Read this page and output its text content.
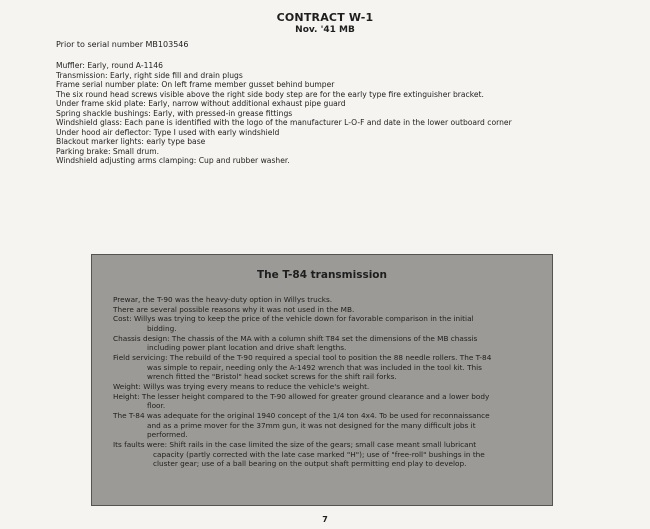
CONTRACT W-1
Nov. '41 MB
Prior to serial number MB103546
Muffler: Early, round A-1146
Transmission: Early, right side fill and drain plugs
Frame serial number plate: On left frame member gusset behind bumper
The six round head screws visible above the right side body step are for the early type fire extinguisher bracket.
Under frame skid plate: Early, narrow without additional exhaust pipe guard
Spring shackle bushings: Early, with pressed-in grease fittings
Windshield glass: Each pane is identified with the logo of the manufacturer L-O-F and date in the lower outboard corner
Under hood air deflector: Type I used with early windshield
Blackout marker lights: early type base
Parking brake: Small drum.
Windshield adjusting arms clamping: Cup and rubber washer.
The T-84 transmission
Prewar, the T-90 was the heavy-duty option in Willys trucks.
There are several possible reasons why it was not used in the MB.
Cost: Willys was trying to keep the price of the vehicle down for favorable comparison in the initial
bidding.
Chassis design: The chassis of the MA with a column shift T84 set the dimensions of the MB chassis
including power plant location and drive shaft lengths.
Field servicing: The rebuild of the T-90 required a special tool to position the 88 needle rollers. The T-84
was simple to repair, needing only the A-1492 wrench that was included in the tool kit. This
wrench fitted the "Bristol" head socket screws for the shift rail forks.
Weight: Willys was trying every means to reduce the vehicle's weight.
Height: The lesser height compared to the T-90 allowed for greater ground clearance and a lower body
floor.
The T-84 was adequate for the original 1940 concept of the 1/4 ton 4x4. To be used for reconnaissance
and as a prime mover for the 37mm gun, it was not designed for the many difficult jobs it
performed.
Its faults were: Shift rails in the case limited the size of the gears; small case meant small lubricant
capacity (partly corrected with the late case marked "H"); use of "free-roll" bushings in the
cluster gear; use of a ball bearing on the output shaft permitting end play to develop.
7
